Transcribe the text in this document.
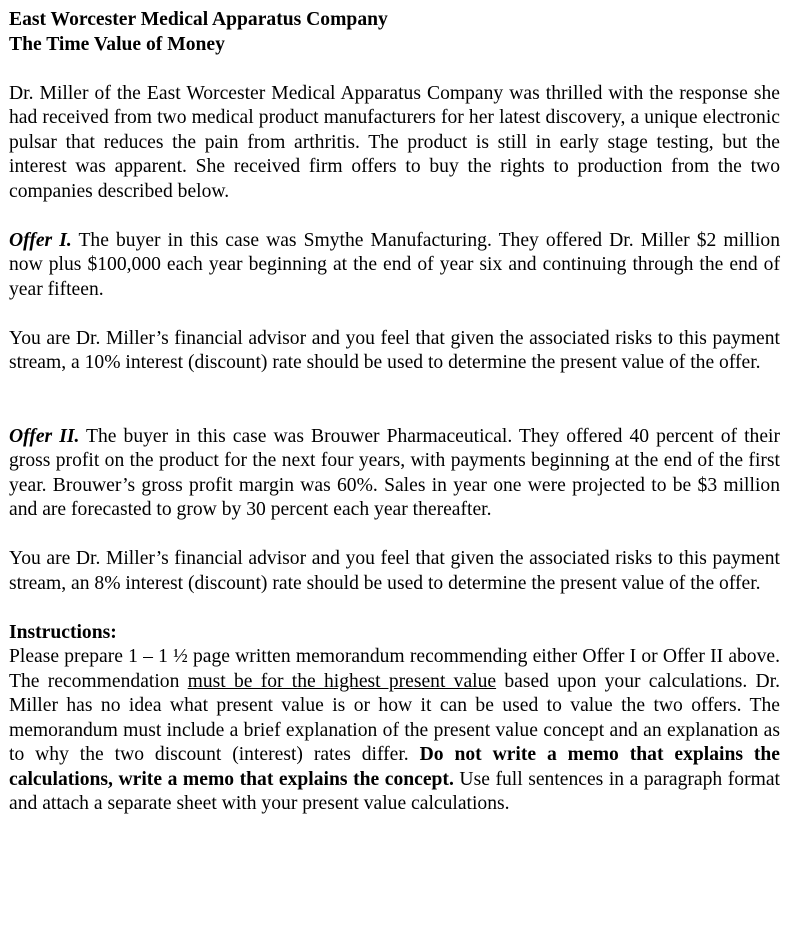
East Worcester Medical Apparatus Company

The Time Value of Money

Dr. Miller of the East Worcester Medical Apparatus Company was thrilled with the response she had received from two medical product manufacturers for her latest discovery, a unique electronic pulsar that reduces the pain from arthritis. The product is still in early stage testing, but the interest was apparent. She received firm offers to buy the rights to production from the two companies described below.

Offer I. The buyer in this case was Smythe Manufacturing. They offered Dr. Miller $2 million now plus $100,000 each year beginning at the end of year six and continuing through the end of year fifteen.

You are Dr. Miller’s financial advisor and you feel that given the associated risks to this payment stream, a 10% interest (discount) rate should be used to determine the present value of the offer.

Offer II. The buyer in this case was Brouwer Pharmaceutical. They offered 40 percent of their gross profit on the product for the next four years, with payments beginning at the end of the first year. Brouwer’s gross profit margin was 60%. Sales in year one were projected to be $3 million and are forecasted to grow by 30 percent each year thereafter.

You are Dr. Miller’s financial advisor and you feel that given the associated risks to this payment stream, an 8% interest (discount) rate should be used to determine the present value of the offer.

Instructions:

Please prepare 1 – 1 ½ page written memorandum recommending either Offer I or Offer II above. The recommendation must be for the highest present value based upon your calculations. Dr. Miller has no idea what present value is or how it can be used to value the two offers. The memorandum must include a brief explanation of the present value concept and an explanation as to why the two discount (interest) rates differ. Do not write a memo that explains the calculations, write a memo that explains the concept. Use full sentences in a paragraph format and attach a separate sheet with your present value calculations.
